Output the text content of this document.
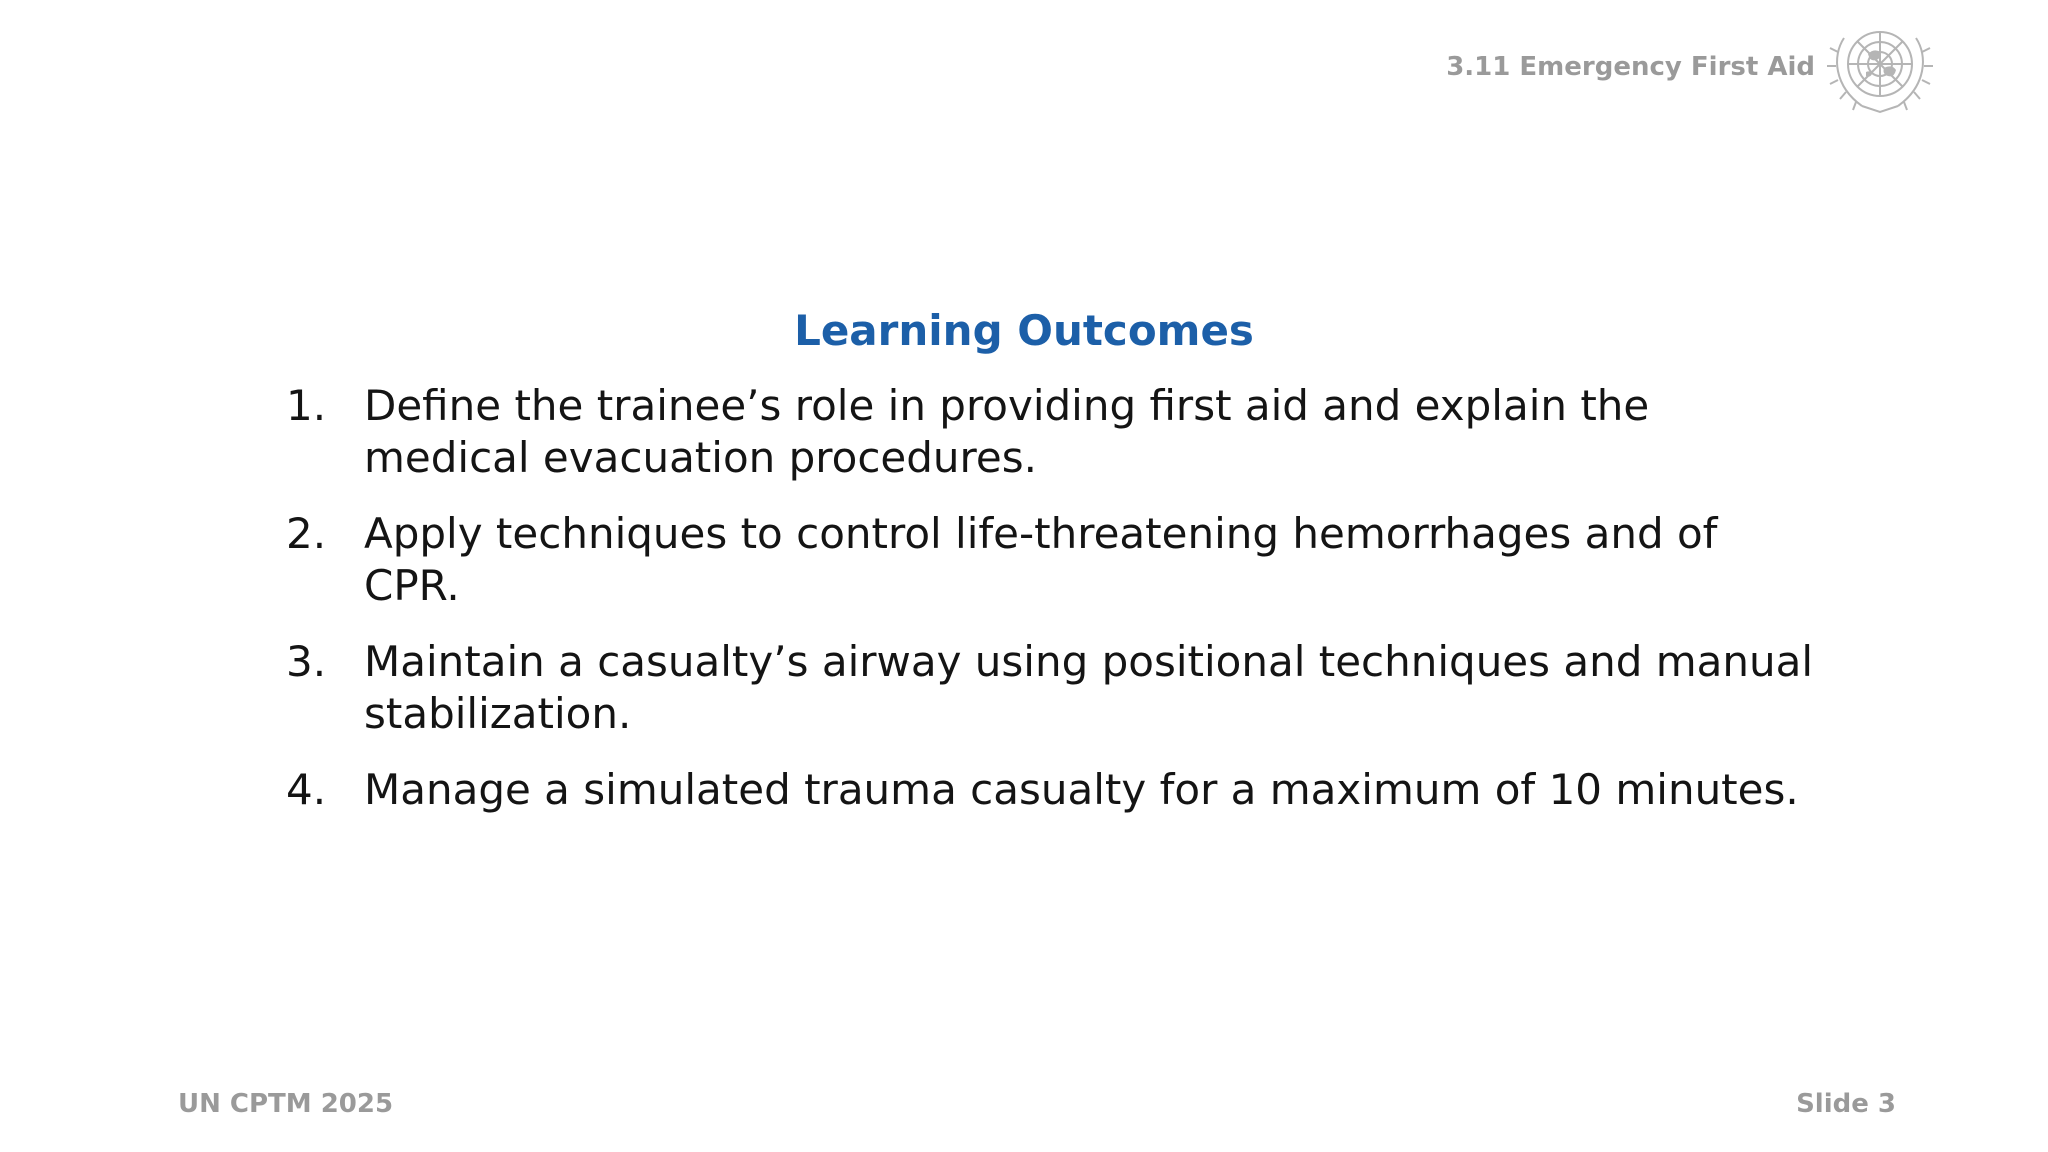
3.11 Emergency First Aid
Learning Outcomes
1. Define the trainee’s role in providing first aid and explain the medical evacuation procedures.
2. Apply techniques to control life-threatening hemorrhages and of CPR.
3. Maintain a casualty’s airway using positional techniques and manual stabilization.
4. Manage a simulated trauma casualty for a maximum of 10 minutes.
UN CPTM 2025	Slide 3
